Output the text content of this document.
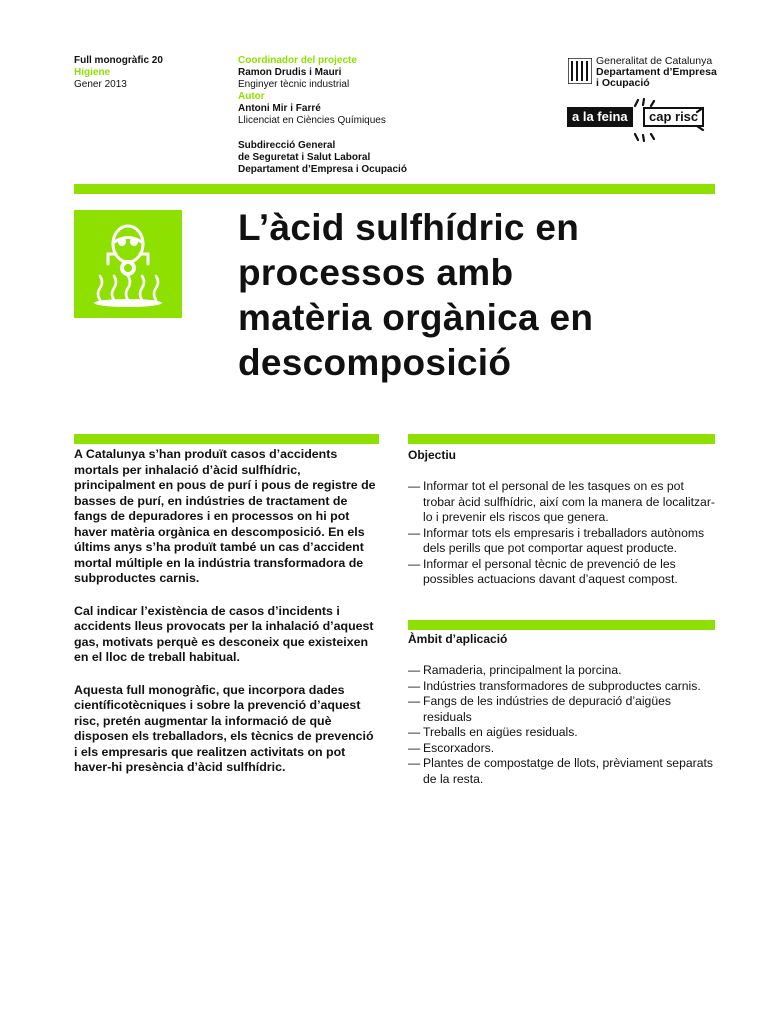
Full monogràfic 20
Higiene
Gener 2013
Coordinador del projecte
Ramon Drudis i Mauri
Enginyer tècnic industrial
Autor
Antoni Mir i Farré
Llicenciat en Ciències Químiques
Subdirecció General
de Seguretat i Salut Laboral
Departament d’Empresa i Ocupació
Generalitat de Catalunya
Departament d’Empresa
i Ocupació
a la feina	cap risc
L’àcid sulfhídric en
processos amb
matèria orgànica en
descomposició

A Catalunya s’han produït casos d’accidents mortals per inhalació d’àcid sulfhídric, principalment en pous de purí i pous de registre de basses de purí, en indústries de tractament de fangs de depuradores i en processos on hi pot haver matèria orgànica en descomposició. En els últims anys s’ha produït també un cas d’accident mortal múltiple en la indústria transformadora de subproductes carnis.

Cal indicar l’existència de casos d’incidents i accidents lleus provocats per la inhalació d’aquest gas, motivats perquè es desconeix que existeixen en el lloc de treball habitual.

Aquesta full monogràfic, que incorpora dades científicotècniques i sobre la prevenció d’aquest risc, pretén augmentar la informació de què disposen els treballadors, els tècnics de prevenció i els empresaris que realitzen activitats on pot haver-hi presència d’àcid sulfhídric.

Objectiu
— Informar tot el personal de les tasques on es pot trobar àcid sulfhídric, així com la manera de localitzar-lo i prevenir els riscos que genera.
— Informar tots els empresaris i treballadors autònoms dels perills que pot comportar aquest producte.
— Informar el personal tècnic de prevenció de les possibles actuacions davant d’aquest compost.
Àmbit d’aplicació
— Ramaderia, principalment la porcina.
— Indústries transformadores de subproductes carnis.
— Fangs de les indústries de depuració d’aigües residuals
— Treballs en aigües residuals.
— Escorxadors.
— Plantes de compostatge de llots, prèviament separats de la resta.
